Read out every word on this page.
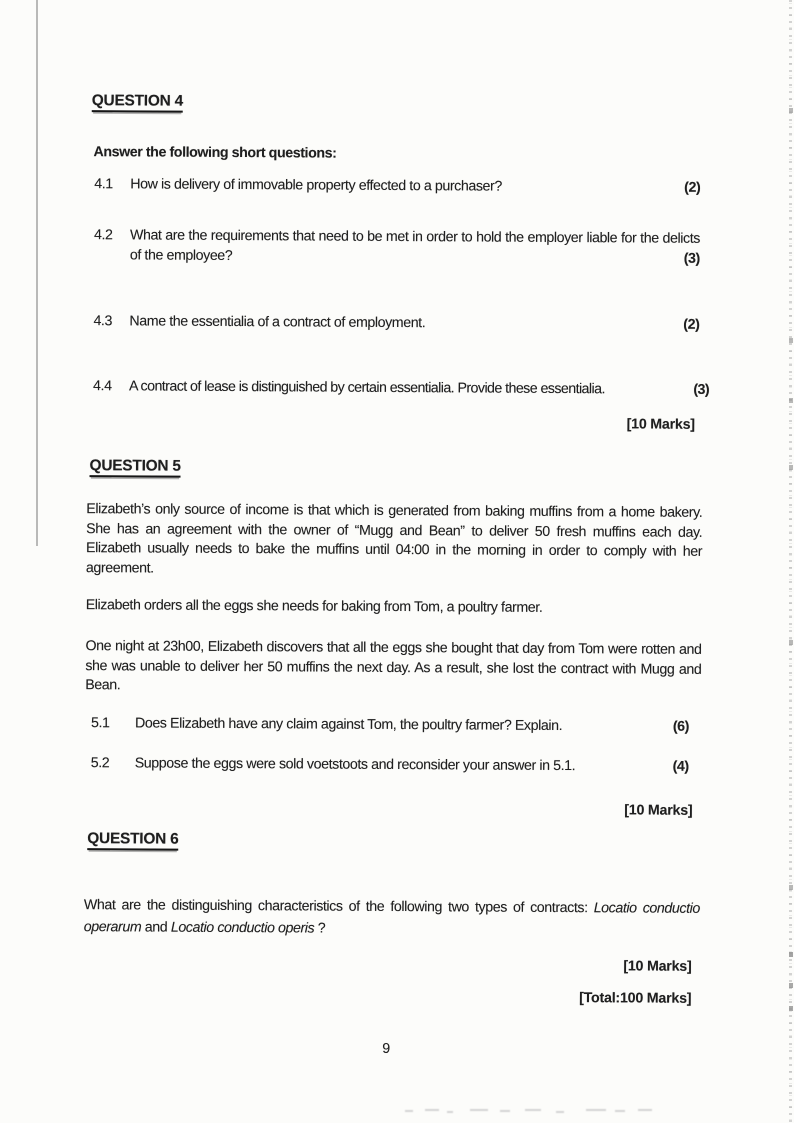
QUESTION 4
Answer the following short questions:
4.1 How is delivery of immovable property effected to a purchaser?	(2)
4.2 What are the requirements that need to be met in order to hold the employer liable for the delicts of the employee?	(3)
4.3 Name the essentialia of a contract of employment.	(2)
4.4 A contract of lease is distinguished by certain essentialia. Provide these essentialia.	(3)
[10 Marks]
QUESTION 5
Elizabeth’s only source of income is that which is generated from baking muffins from a home bakery. She has an agreement with the owner of “Mugg and Bean” to deliver 50 fresh muffins each day. Elizabeth usually needs to bake the muffins until 04:00 in the morning in order to comply with her agreement.
Elizabeth orders all the eggs she needs for baking from Tom, a poultry farmer.
One night at 23h00, Elizabeth discovers that all the eggs she bought that day from Tom were rotten and she was unable to deliver her 50 muffins the next day. As a result, she lost the contract with Mugg and Bean.
5.1 Does Elizabeth have any claim against Tom, the poultry farmer? Explain.	(6)
5.2 Suppose the eggs were sold voetstoots and reconsider your answer in 5.1.	(4)
[10 Marks]
QUESTION 6
What are the distinguishing characteristics of the following two types of contracts: Locatio conductio operarum and Locatio conductio operis ?
[10 Marks]
[Total:100 Marks]
9
